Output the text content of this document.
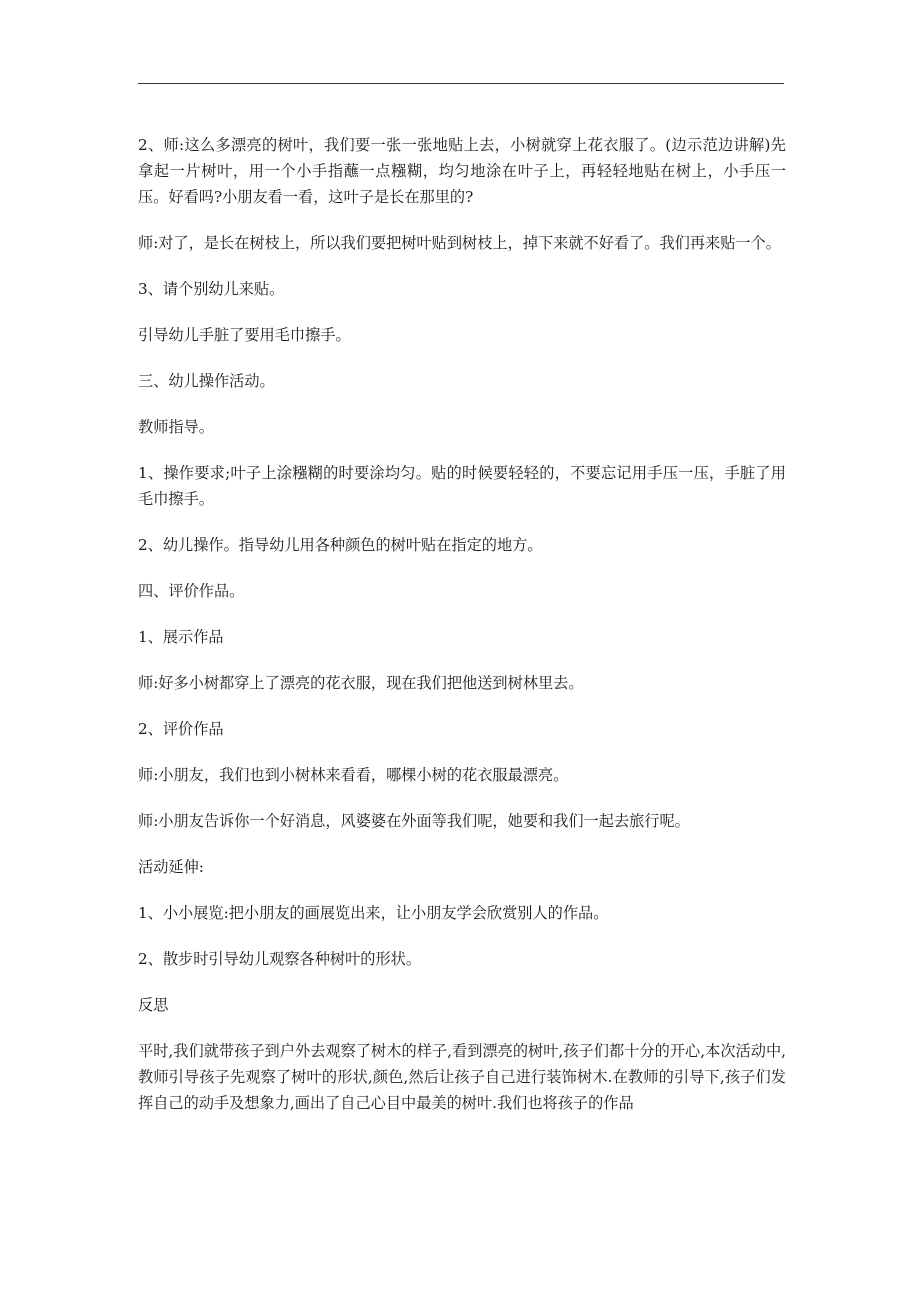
2、师:这么多漂亮的树叶，我们要一张一张地贴上去，小树就穿上花衣服了。(边示范边讲解)先拿起一片树叶，用一个小手指蘸一点糨糊，均匀地涂在叶子上，再轻轻地贴在树上，小手压一压。好看吗?小朋友看一看，这叶子是长在那里的?

师:对了，是长在树枝上，所以我们要把树叶贴到树枝上，掉下来就不好看了。我们再来贴一个。

3、请个别幼儿来贴。

引导幼儿手脏了要用毛巾擦手。

三、幼儿操作活动。

教师指导。

1、操作要求;叶子上涂糨糊的时要涂均匀。贴的时候要轻轻的，不要忘记用手压一压，手脏了用毛巾擦手。

2、幼儿操作。指导幼儿用各种颜色的树叶贴在指定的地方。

四、评价作品。

1、展示作品

师:好多小树都穿上了漂亮的花衣服，现在我们把他送到树林里去。

2、评价作品

师:小朋友，我们也到小树林来看看，哪棵小树的花衣服最漂亮。

师:小朋友告诉你一个好消息，风婆婆在外面等我们呢，她要和我们一起去旅行呢。

活动延伸:

1、小小展览:把小朋友的画展览出来，让小朋友学会欣赏别人的作品。

2、散步时引导幼儿观察各种树叶的形状。

反思

平时,我们就带孩子到户外去观察了树木的样子,看到漂亮的树叶,孩子们都十分的开心,本次活动中,教师引导孩子先观察了树叶的形状,颜色,然后让孩子自己进行装饰树木.在教师的引导下,孩子们发挥自己的动手及想象力,画出了自己心目中最美的树叶.我们也将孩子的作品
